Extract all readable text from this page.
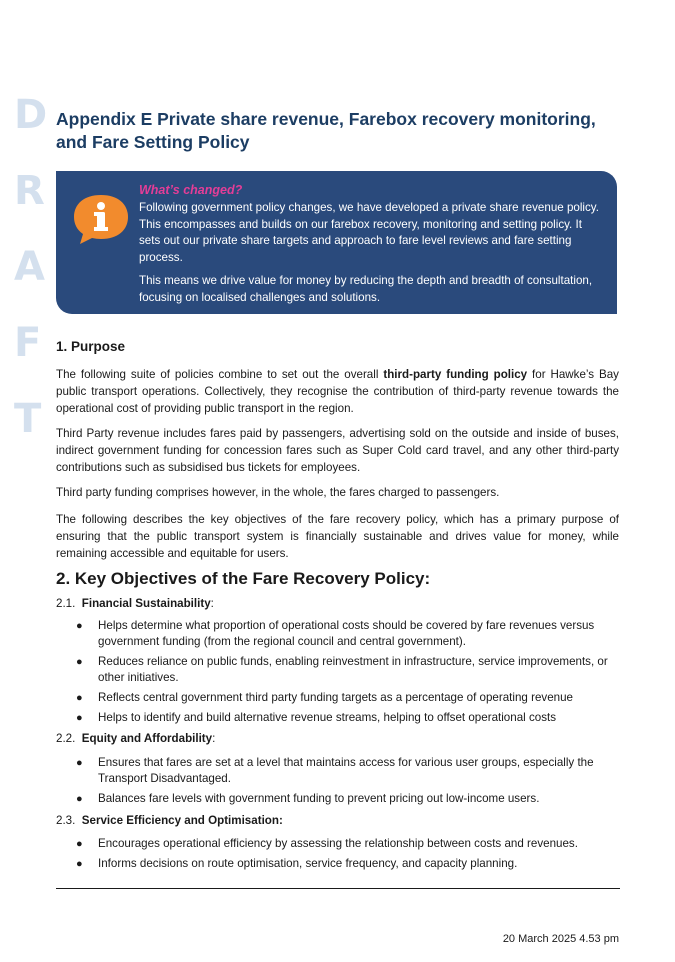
D
R
A
F
T
Appendix E Private share revenue, Farebox recovery monitoring, and Fare Setting Policy
What’s changed?

Following government policy changes, we have developed a private share revenue policy. This encompasses and builds on our farebox recovery, monitoring and setting policy. It sets out our private share targets and approach to fare level reviews and fare setting process.

This means we drive value for money by reducing the depth and breadth of consultation, focusing on localised challenges and solutions.

1. Purpose

The following suite of policies combine to set out the overall third-party funding policy for Hawke’s Bay public transport operations. Collectively, they recognise the contribution of third-party revenue towards the operational cost of providing public transport in the region.

Third Party revenue includes fares paid by passengers, advertising sold on the outside and inside of buses, indirect government funding for concession fares such as Super Cold card travel, and any other third-party contributions such as subsidised bus tickets for employees.

Third party funding comprises however, in the whole, the fares charged to passengers.

The following describes the key objectives of the fare recovery policy, which has a primary purpose of ensuring that the public transport system is financially sustainable and drives value for money, while remaining accessible and equitable for users.

2. Key Objectives of the Fare Recovery Policy:
2.1. Financial Sustainability:
● Helps determine what proportion of operational costs should be covered by fare revenues versus government funding (from the regional council and central government).
● Reduces reliance on public funds, enabling reinvestment in infrastructure, service improvements, or other initiatives.
● Reflects central government third party funding targets as a percentage of operating revenue
● Helps to identify and build alternative revenue streams, helping to offset operational costs
2.2. Equity and Affordability:
● Ensures that fares are set at a level that maintains access for various user groups, especially the Transport Disadvantaged.
● Balances fare levels with government funding to prevent pricing out low-income users.
2.3. Service Efficiency and Optimisation:
● Encourages operational efficiency by assessing the relationship between costs and revenues.
● Informs decisions on route optimisation, service frequency, and capacity planning.
20 March 2025 4.53 pm
